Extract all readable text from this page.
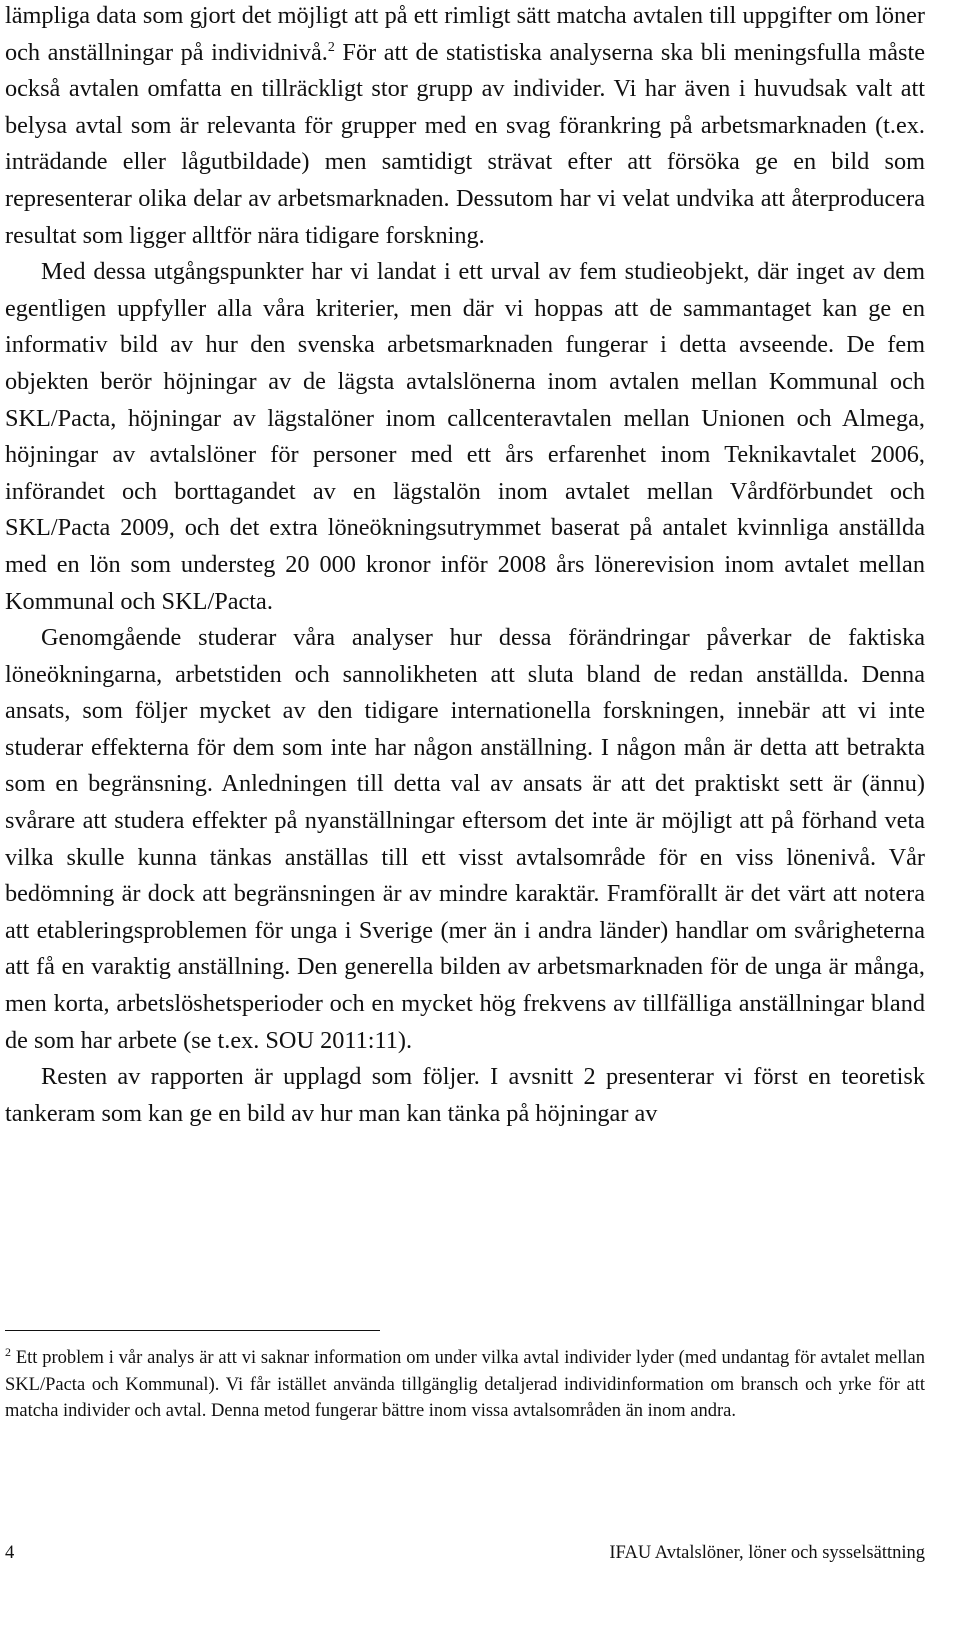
lämpliga data som gjort det möjligt att på ett rimligt sätt matcha avtalen till uppgifter om löner och anställningar på individnivå.$^2$ För att de statistiska analyserna ska bli meningsfulla måste också avtalen omfatta en tillräckligt stor grupp av individer. Vi har även i huvudsak valt att belysa avtal som är relevanta för grupper med en svag förankring på arbetsmarknaden (t.ex. inträdande eller lågutbildade) men samtidigt strävat efter att försöka ge en bild som representerar olika delar av arbetsmarknaden. Dessutom har vi velat undvika att återproducera resultat som ligger alltför nära tidigare forskning.

Med dessa utgångspunkter har vi landat i ett urval av fem studieobjekt, där inget av dem egentligen uppfyller alla våra kriterier, men där vi hoppas att de sammantaget kan ge en informativ bild av hur den svenska arbetsmarknaden fungerar i detta avseende. De fem objekten berör höjningar av de lägsta avtalslönerna inom avtalen mellan Kommunal och SKL/Pacta, höjningar av lägstalöner inom callcenteravtalen mellan Unionen och Almega, höjningar av avtalslöner för personer med ett års erfarenhet inom Teknikavtalet 2006, införandet och borttagandet av en lägstalön inom avtalet mellan Vårdförbundet och SKL/Pacta 2009, och det extra löneökningsutrymmet baserat på antalet kvinnliga anställda med en lön som understeg 20 000 kronor inför 2008 års lönerevision inom avtalet mellan Kommunal och SKL/Pacta.

Genomgående studerar våra analyser hur dessa förändringar påverkar de faktiska löneökningarna, arbetstiden och sannolikheten att sluta bland de redan anställda. Denna ansats, som följer mycket av den tidigare internationella forskningen, innebär att vi inte studerar effekterna för dem som inte har någon anställning. I någon mån är detta att betrakta som en begränsning. Anledningen till detta val av ansats är att det praktiskt sett är (ännu) svårare att studera effekter på nyanställningar eftersom det inte är möjligt att på förhand veta vilka skulle kunna tänkas anställas till ett visst avtalsområde för en viss lönenivå. Vår bedömning är dock att begränsningen är av mindre karaktär. Framförallt är det värt att notera att etableringsproblemen för unga i Sverige (mer än i andra länder) handlar om svårigheterna att få en varaktig anställning. Den generella bilden av arbetsmarknaden för de unga är många, men korta, arbetslöshetsperioder och en mycket hög frekvens av tillfälliga anställningar bland de som har arbete (se t.ex. SOU 2011:11).

Resten av rapporten är upplagd som följer. I avsnitt 2 presenterar vi först en teoretisk tankeram som kan ge en bild av hur man kan tänka på höjningar av

$^2$ Ett problem i vår analys är att vi saknar information om under vilka avtal individer lyder (med undantag för avtalet mellan SKL/Pacta och Kommunal). Vi får istället använda tillgänglig detaljerad individinformation om bransch och yrke för att matcha individer och avtal. Denna metod fungerar bättre inom vissa avtalsområden än inom andra.

4	IFAU Avtalslöner, löner och sysselsättning
